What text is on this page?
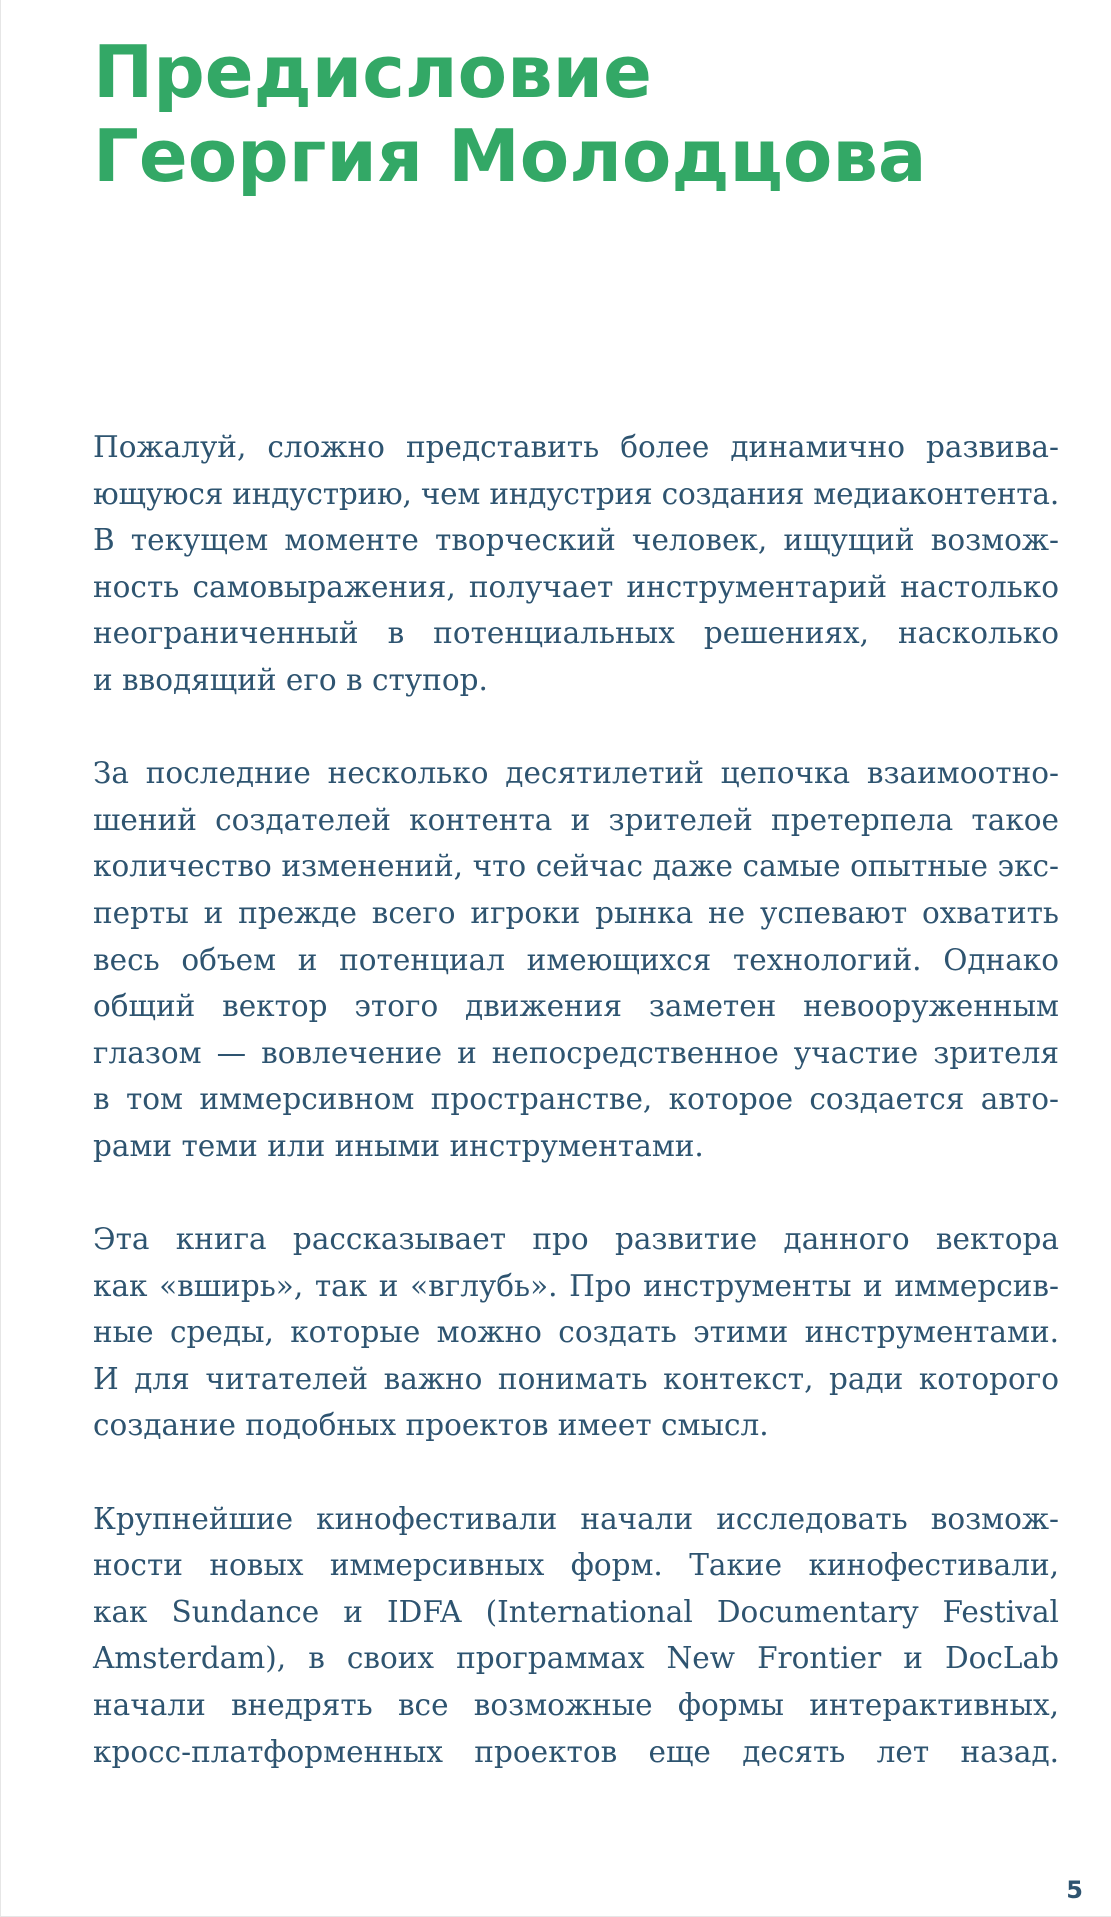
Предисловие
Георгия Молодцова

Пожалуй, сложно представить более динамично развива-
ющуюся индустрию, чем индустрия создания медиаконтента.
В текущем моменте творческий человек, ищущий возмож-
ность самовыражения, получает инструментарий настолько
неограниченный в потенциальных решениях, насколько
и вводящий его в ступор.

За последние несколько десятилетий цепочка взаимоотно-
шений создателей контента и зрителей претерпела такое
количество изменений, что сейчас даже самые опытные экс-
перты и прежде всего игроки рынка не успевают охватить
весь объем и потенциал имеющихся технологий. Однако
общий вектор этого движения заметен невооруженным
глазом — вовлечение и непосредственное участие зрителя
в том иммерсивном пространстве, которое создается авто-
рами теми или иными инструментами.

Эта книга рассказывает про развитие данного вектора
как «вширь», так и «вглубь». Про инструменты и иммерсив-
ные среды, которые можно создать этими инструментами.
И для читателей важно понимать контекст, ради которого
создание подобных проектов имеет смысл.

Крупнейшие кинофестивали начали исследовать возмож-
ности новых иммерсивных форм. Такие кинофестивали,
как Sundance и IDFA (International Documentary Festival
Amsterdam), в своих программах New Frontier и DocLab
начали внедрять все возможные формы интерактивных,
кросс-платформенных проектов еще десять лет назад.

5
